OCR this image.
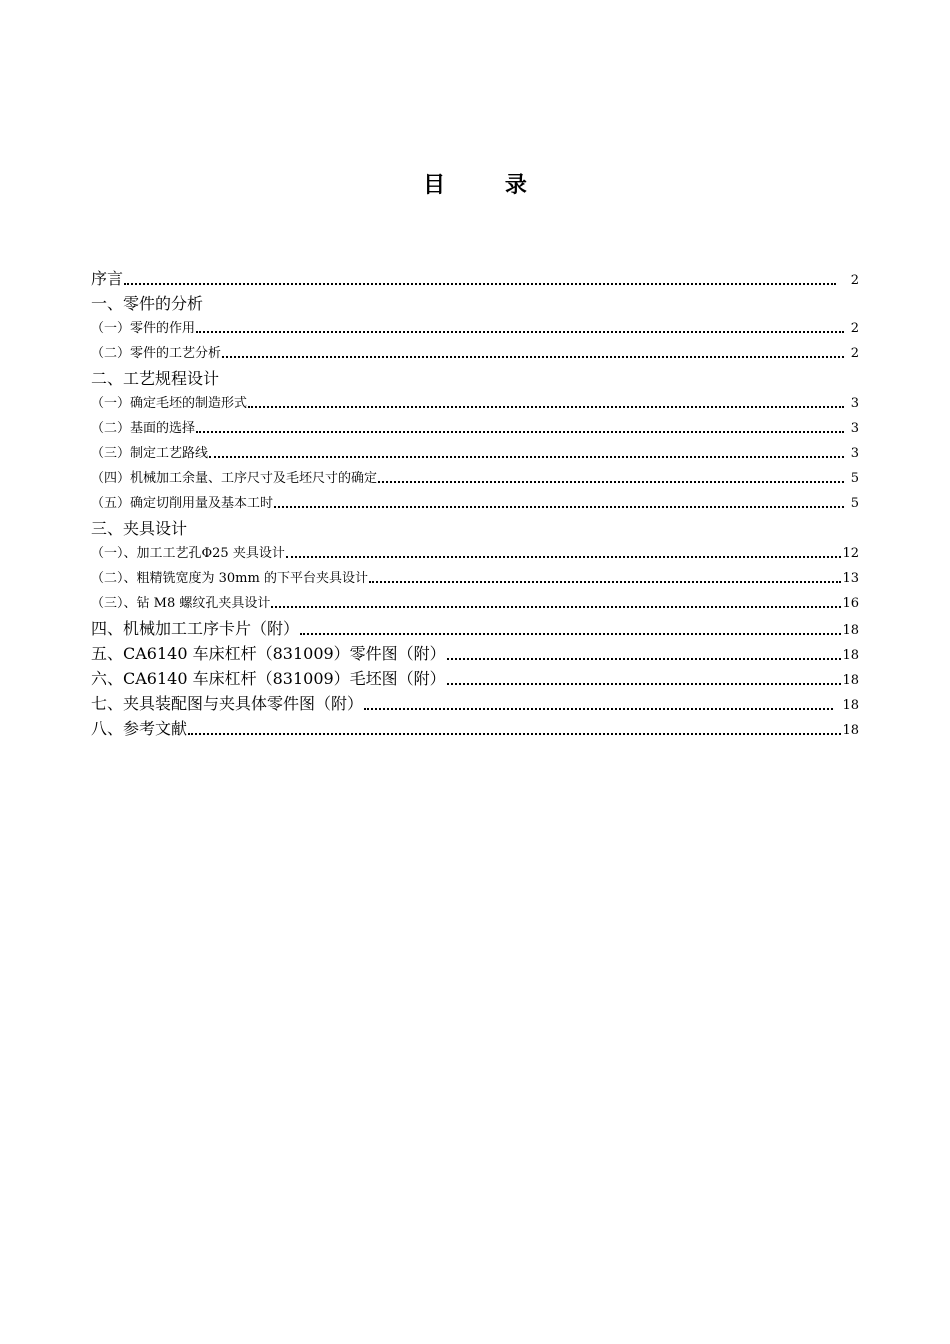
目 录
序言	2
一、零件的分析
（一）零件的作用	2
（二）零件的工艺分析	2
二、工艺规程设计
（一）确定毛坯的制造形式	3
（二）基面的选择	3
（三）制定工艺路线	3
（四）机械加工余量、工序尺寸及毛坯尺寸的确定	5
（五）确定切削用量及基本工时	5
三、夹具设计
（一）、加工工艺孔Φ25 夹具设计	12
（二）、粗精铣宽度为 30mm 的下平台夹具设计	13
（三）、钻 M8 螺纹孔夹具设计	16
四、机械加工工序卡片（附）	18
五、CA6140 车床杠杆（831009）零件图（附）	18
六、CA6140 车床杠杆（831009）毛坯图（附）	18
七、夹具装配图与夹具体零件图（附）	18
八、参考文献	18
